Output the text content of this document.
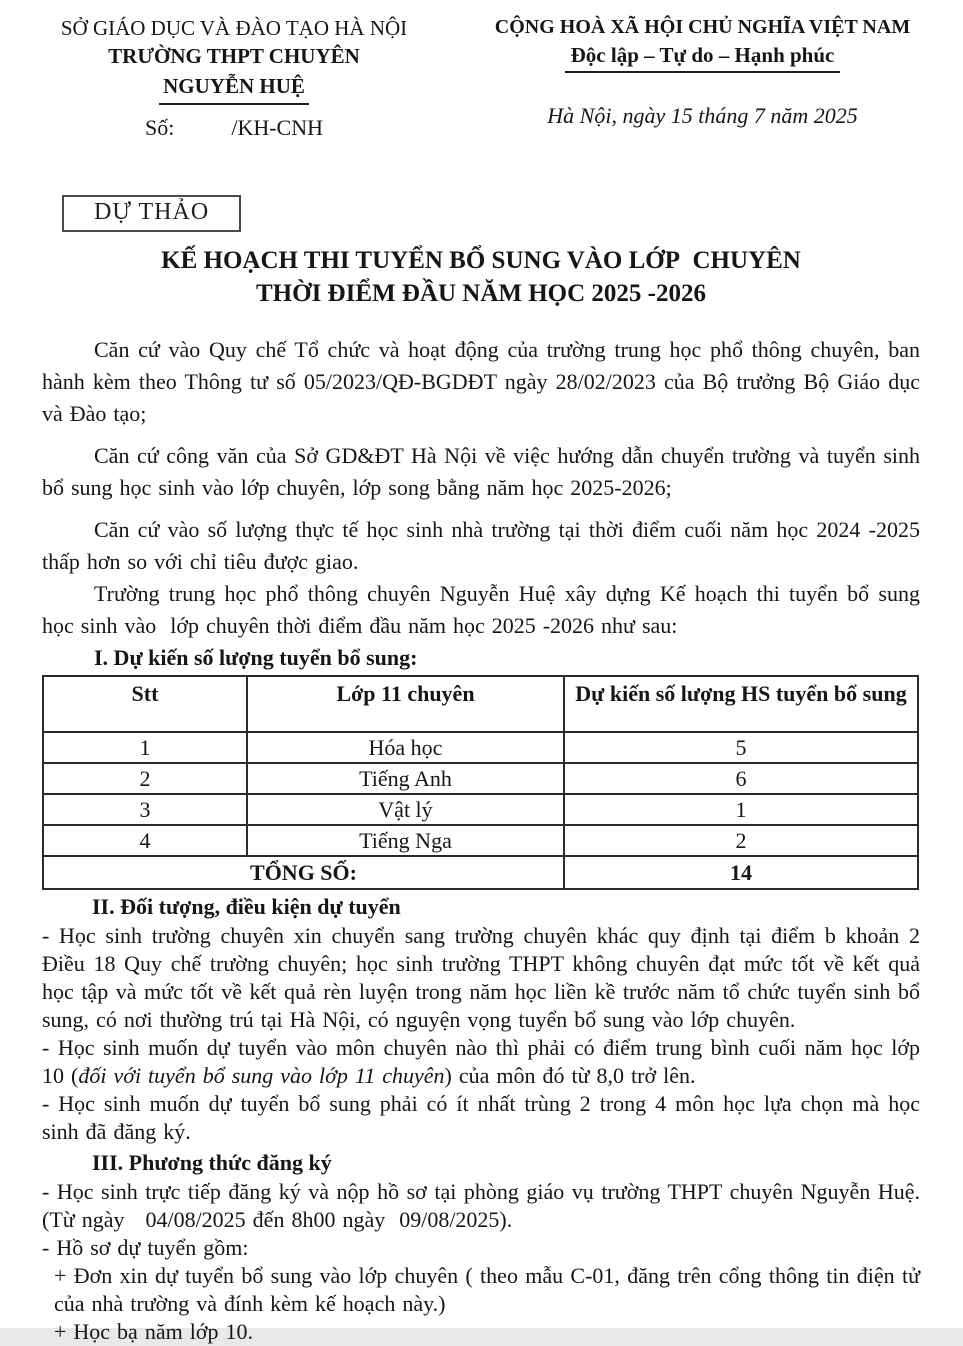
SỞ GIÁO DỤC VÀ ĐÀO TẠO HÀ NỘI
TRƯỜNG THPT CHUYÊN
NGUYỄN HUỆ
Số:	/KH-CNH
CỘNG HOÀ XÃ HỘI CHỦ NGHĨA VIỆT NAM
Độc lập – Tự do – Hạnh phúc
Hà Nội, ngày 15 tháng 7 năm 2025
DỰ THẢO
KẾ HOẠCH THI TUYỂN BỔ SUNG VÀO LỚP  CHUYÊN
THỜI ĐIỂM ĐẦU NĂM HỌC 2025 -2026

Căn cứ vào Quy chế Tổ chức và hoạt động của trường trung học phổ thông chuyên, ban hành kèm theo Thông tư số 05/2023/QĐ-BGDĐT ngày 28/02/2023 của Bộ trưởng Bộ Giáo dục và Đào tạo;

Căn cứ công văn của Sở GD&ĐT Hà Nội về việc hướng dẫn chuyển trường và tuyển sinh bổ sung học sinh vào lớp chuyên, lớp song bằng năm học 2025-2026;

Căn cứ vào số lượng thực tế học sinh nhà trường tại thời điểm cuối năm học 2024 -2025 thấp hơn so với chỉ tiêu được giao.

Trường trung học phổ thông chuyên Nguyễn Huệ xây dựng Kế hoạch thi tuyển bổ sung học sinh vào  lớp chuyên thời điểm đầu năm học 2025 -2026 như sau:

I. Dự kiến số lượng tuyển bổ sung:
Stt	Lớp 11 chuyên	Dự kiến số lượng HS tuyển bổ sung
1	Hóa học	5
2	Tiếng Anh	6
3	Vật lý	1
4	Tiếng Nga	2
TỔNG SỐ:		14
II. Đối tượng, điều kiện dự tuyển

- Học sinh trường chuyên xin chuyển sang trường chuyên khác quy định tại điểm b khoản 2 Điều 18 Quy chế trường chuyên; học sinh trường THPT không chuyên đạt mức tốt về kết quả học tập và mức tốt về kết quả rèn luyện trong năm học liền kề trước năm tổ chức tuyển sinh bổ sung, có nơi thường trú tại Hà Nội, có nguyện vọng tuyển bổ sung vào lớp chuyên.

- Học sinh muốn dự tuyển vào môn chuyên nào thì phải có điểm trung bình cuối năm học lớp 10 (đối với tuyển bổ sung vào lớp 11 chuyên) của môn đó từ 8,0 trở lên.

- Học sinh muốn dự tuyển bổ sung phải có ít nhất trùng 2 trong 4 môn học lựa chọn mà học sinh đã đăng ký.

III. Phương thức đăng ký

- Học sinh trực tiếp đăng ký và nộp hồ sơ tại phòng giáo vụ trường THPT chuyên Nguyễn Huệ. (Từ ngày   04/08/2025 đến 8h00 ngày  09/08/2025).

- Hồ sơ dự tuyển gồm:

+ Đơn xin dự tuyển bổ sung vào lớp chuyên ( theo mẫu C-01, đăng trên cổng thông tin điện tử của nhà trường và đính kèm kế hoạch này.)

+ Học bạ năm lớp 10.
